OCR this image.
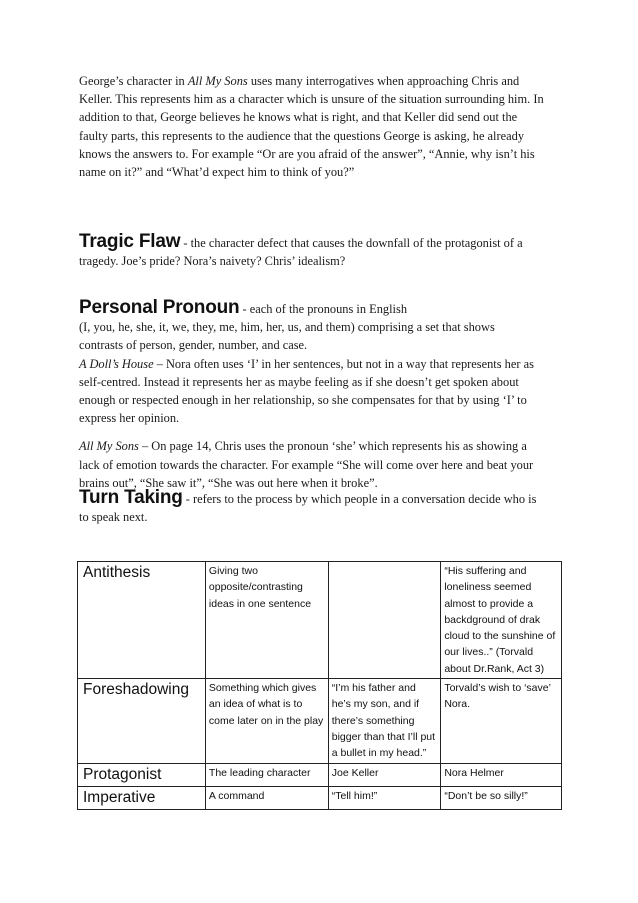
George’s character in All My Sons uses many interrogatives when approaching Chris and
Keller. This represents him as a character which is unsure of the situation surrounding him. In
addition to that, George believes he knows what is right, and that Keller did send out the
faulty parts, this represents to the audience that the questions George is asking, he already
knows the answers to. For example “Or are you afraid of the answer”, “Annie, why isn’t his
name on it?” and “What’d expect him to think of you?”
Tragic Flaw - the character defect that causes the downfall of the protagonist of a
tragedy. Joe’s pride? Nora’s naivety? Chris’ idealism?
Personal Pronoun - each of the pronouns in English
(I, you, he, she, it, we, they, me, him, her, us, and them) comprising a set that shows
contrasts of person, gender, number, and case.
A Doll’s House – Nora often uses ‘I’ in her sentences, but not in a way that represents her as
self-centred. Instead it represents her as maybe feeling as if she doesn’t get spoken about
enough or respected enough in her relationship, so she compensates for that by using ‘I’ to
express her opinion.
All My Sons – On page 14, Chris uses the pronoun ‘she’ which represents his as showing a
lack of emotion towards the character. For example “She will come over here and beat your
brains out”, “She saw it”, “She was out here when it broke”.
Turn Taking - refers to the process by which people in a conversation decide who is
to speak next.
Antithesis	Giving two opposite/contrasting ideas in one sentence		“His suffering and loneliness seemed almost to provide a backdground of drak cloud to the sunshine of our lives..” (Torvald about Dr.Rank, Act 3)
Foreshadowing	Something which gives an idea of what is to come later on in the play	“I’m his father and he’s my son, and if there’s something bigger than that I’ll put a bullet in my head.”	Torvald’s wish to ‘save’ Nora.
Protagonist	The leading character	Joe Keller	Nora Helmer
Imperative	A command	“Tell him!”	“Don’t be so silly!”
